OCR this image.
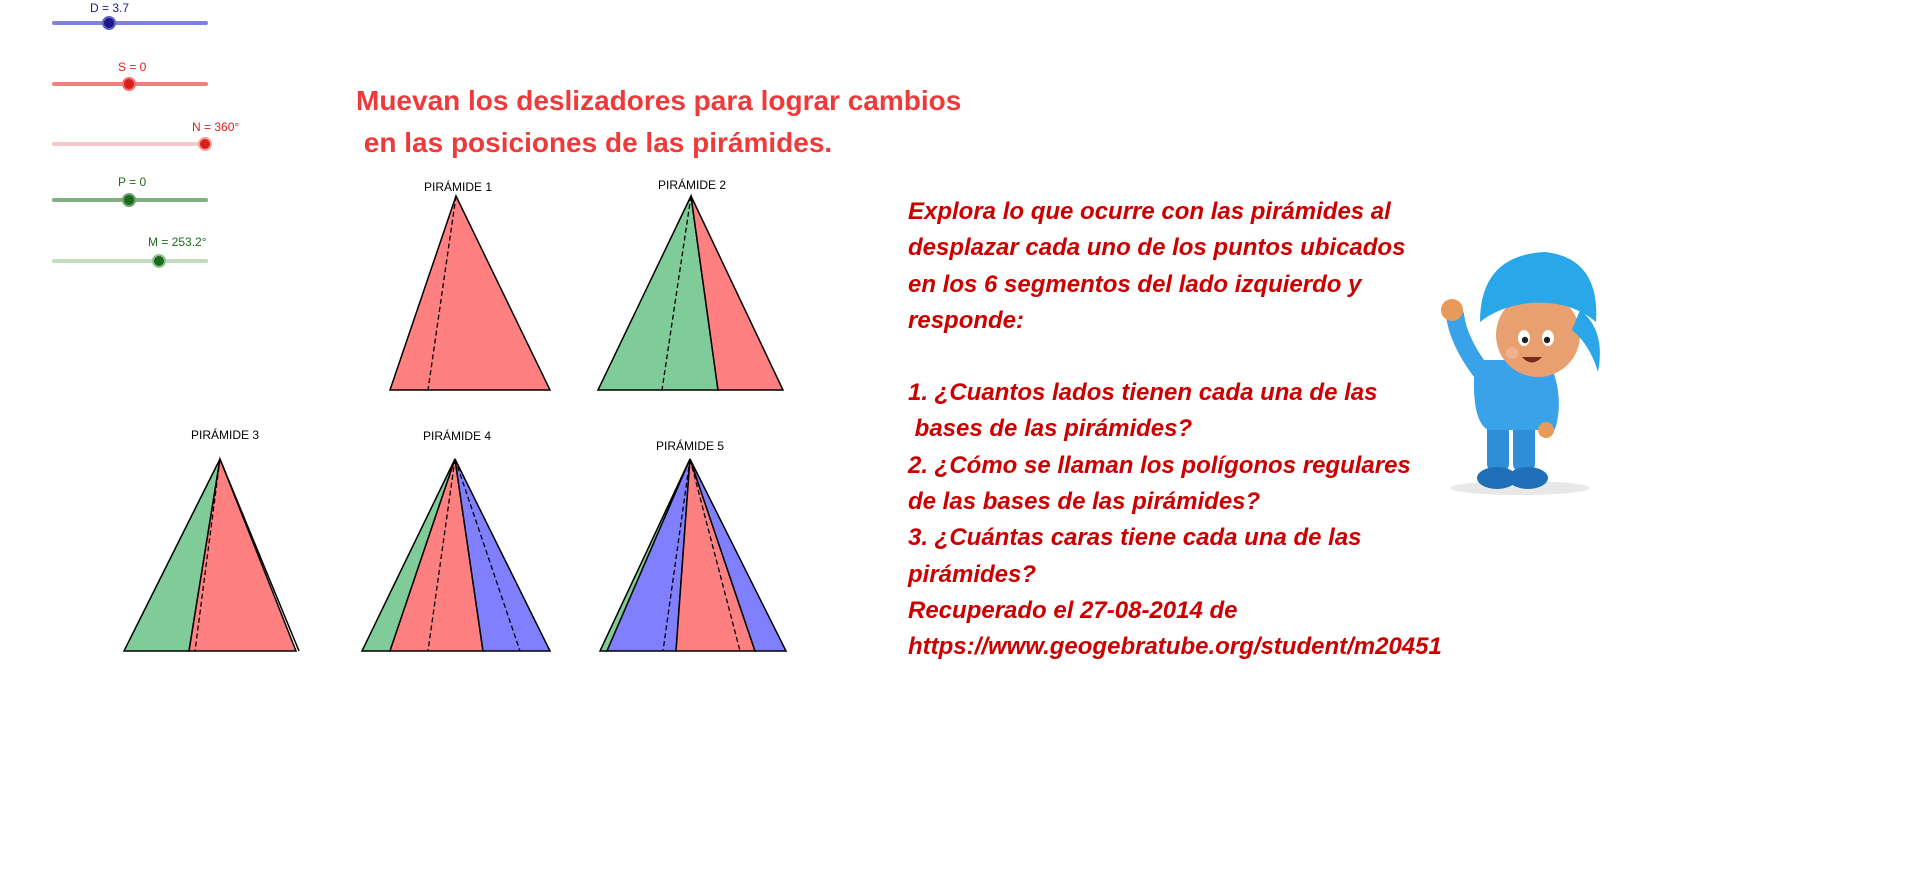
D = 3.7
S = 0
N = 360°
P = 0
M = 253.2°
Muevan los deslizadores para lograr cambios
en las posiciones de las pirámides.
PIRÁMIDE 1	PIRÁMIDE 2
PIRÁMIDE 3	PIRÁMIDE 4
PIRÁMIDE 5
Explora lo que ocurre con las pirámides al
desplazar cada uno de los puntos ubicados
en los 6 segmentos del lado izquierdo y
responde:
1. ¿Cuantos lados tienen cada una de las
bases de las pirámides?
2. ¿Cómo se llaman los polígonos regulares
de las bases de las pirámides?
3. ¿Cuántas caras tiene cada una de las
pirámides?
Recuperado el 27-08-2014 de
https://www.geogebratube.org/student/m20451
